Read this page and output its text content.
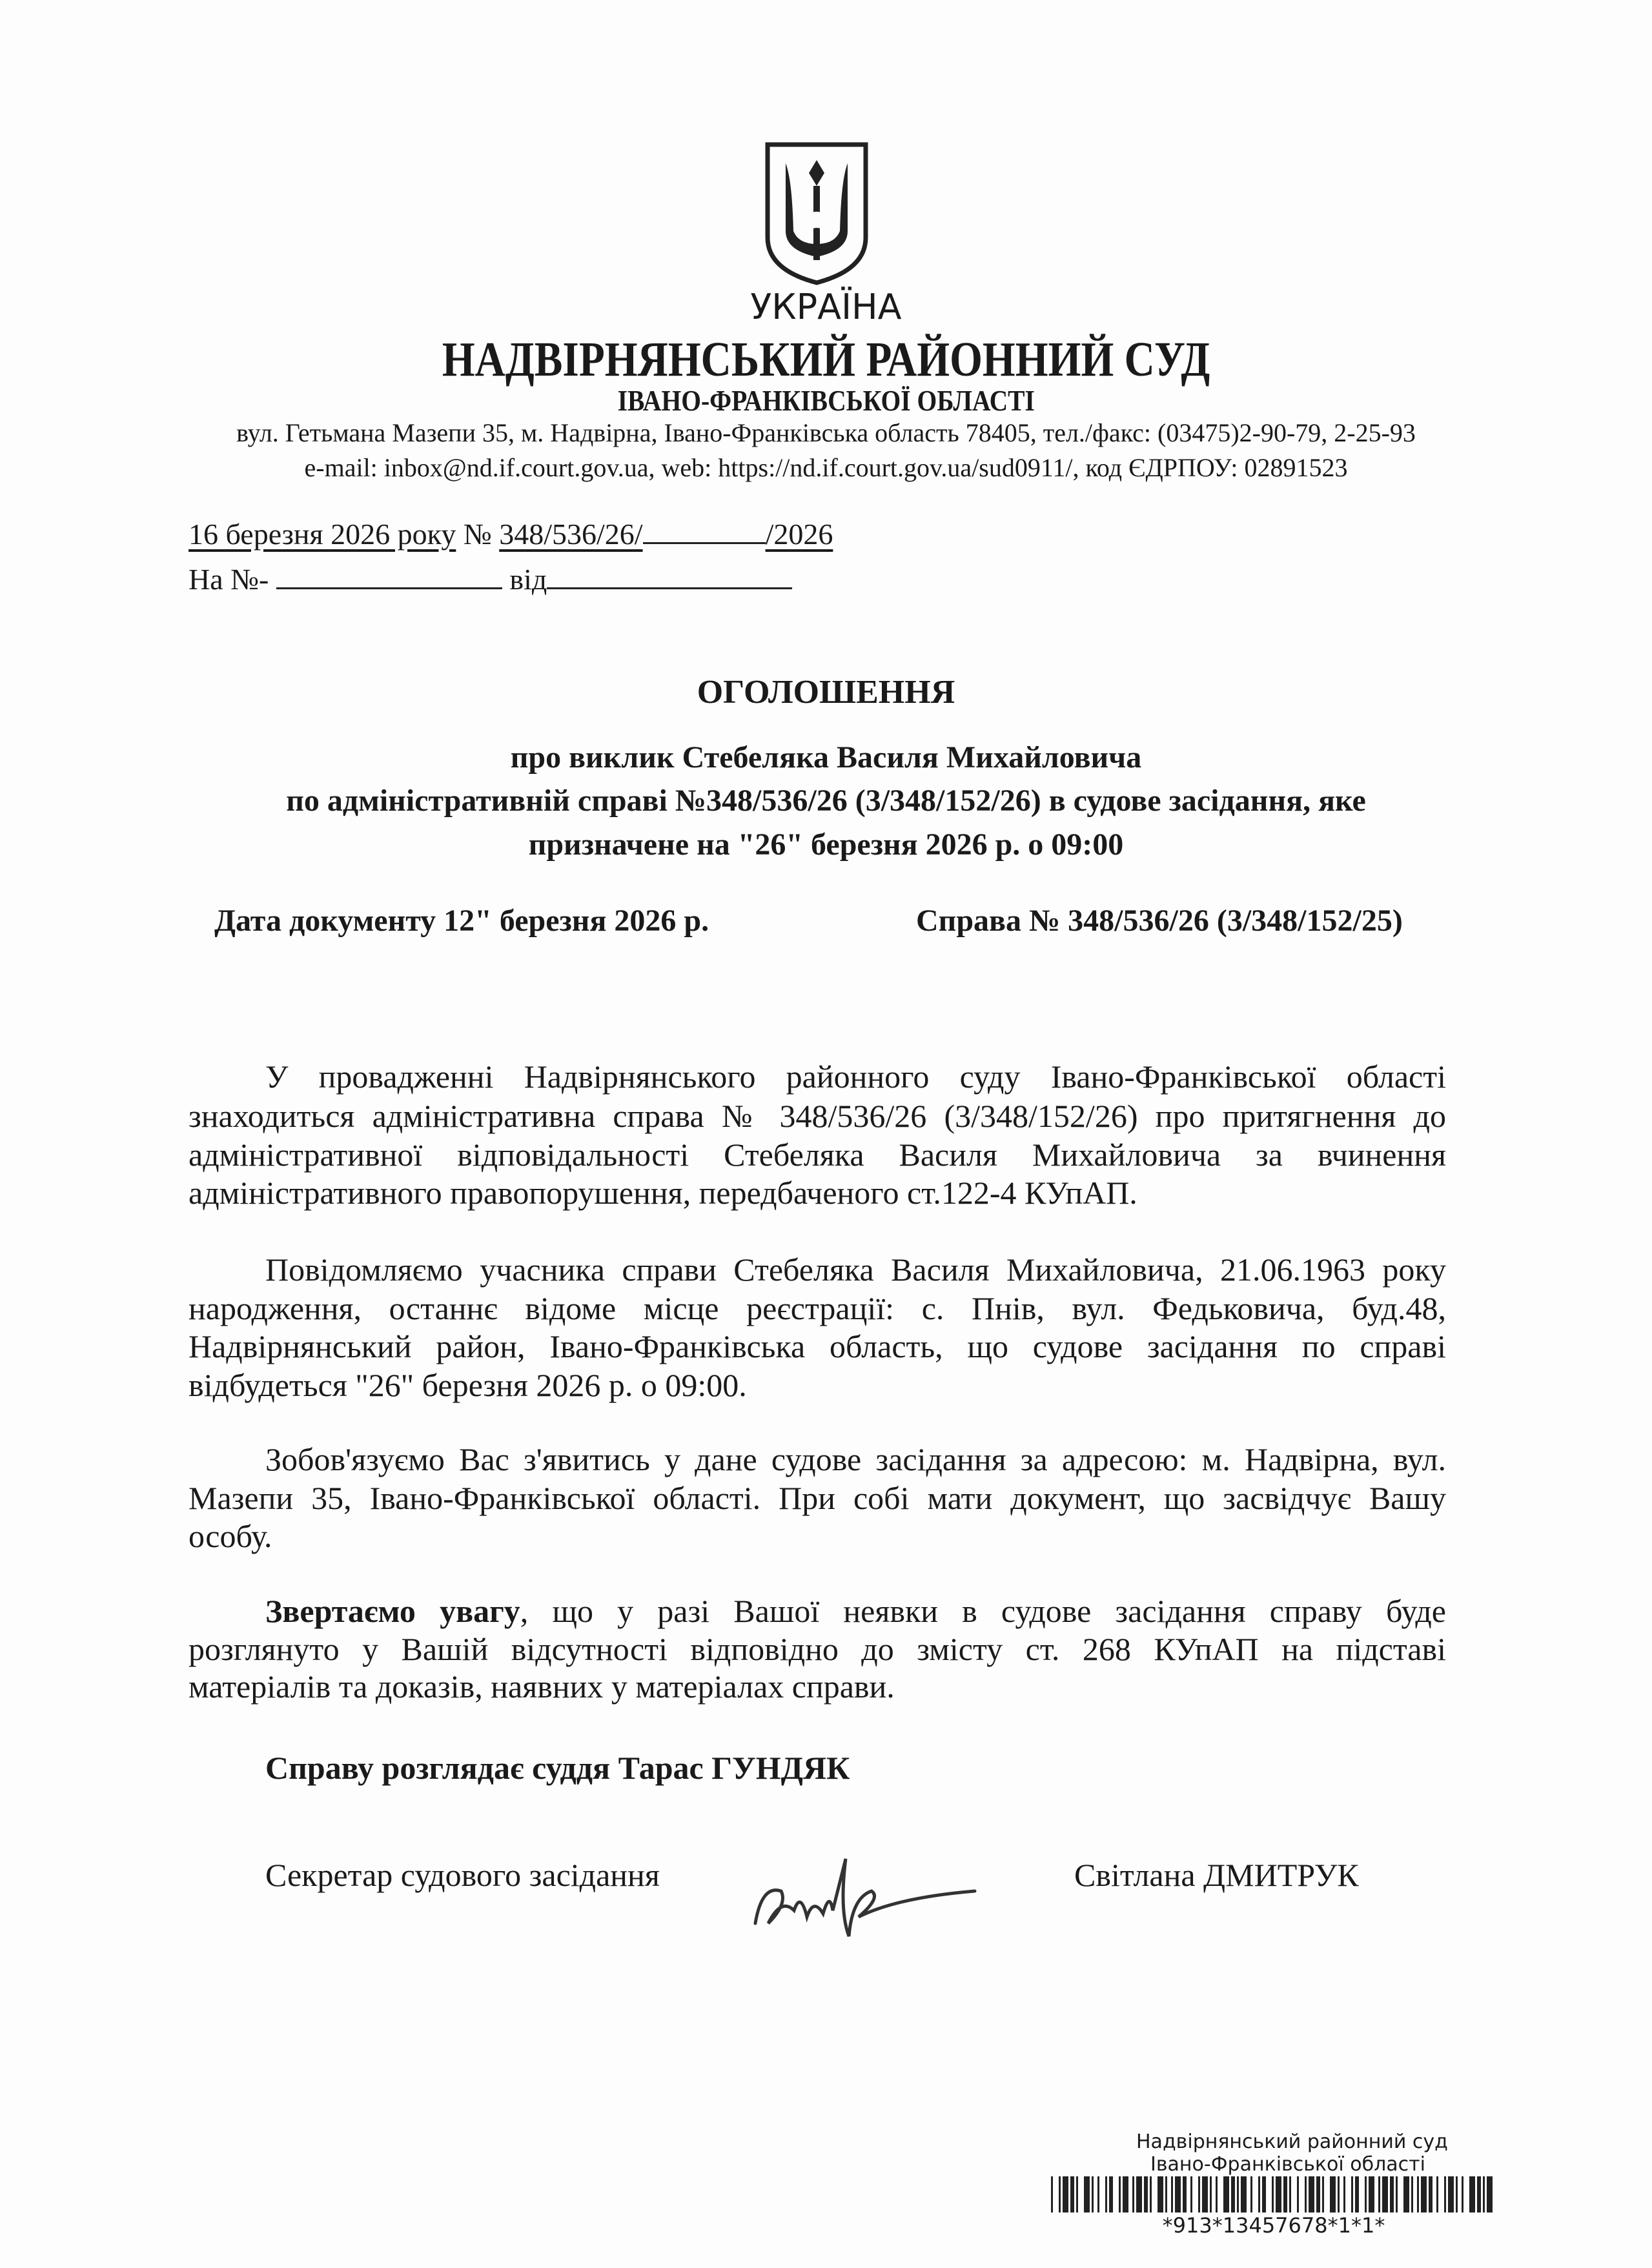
УКРАЇНА
НАДВІРНЯНСЬКИЙ РАЙОННИЙ СУД
ІВАНО-ФРАНКІВСЬКОЇ ОБЛАСТІ
вул. Гетьмана Мазепи 35, м. Надвірна, Івано-Франківська область 78405, тел./факс: (03475)2-90-79, 2-25-93
e-mail: inbox@nd.if.court.gov.ua, web: https://nd.if.court.gov.ua/sud0911/, код ЄДРПОУ: 02891523
16 березня 2026 року № 348/536/26/	/2026
На №-	від
ОГОЛОШЕННЯ
про виклик Стебеляка Василя Михайловича
по адміністративній справі №348/536/26 (3/348/152/26) в судове засідання, яке
призначене на "26" березня 2026 р. о 09:00
Дата документу 12" березня 2026 р.	Справа № 348/536/26 (3/348/152/25)
У провадженні Надвірнянського районного суду Івано-Франківської області
знаходиться адміністративна справа № 348/536/26 (3/348/152/26) про притягнення до
адміністративної відповідальності Стебеляка Василя Михайловича за вчинення
адміністративного правопорушення, передбаченого ст.122-4 КУпАП.
Повідомляємо учасника справи Стебеляка Василя Михайловича, 21.06.1963 року
народження, останнє відоме місце реєстрації: с. Пнів, вул. Федьковича, буд.48,
Надвірнянський район, Івано-Франківська область, що судове засідання по справі
відбудеться "26" березня 2026 р. о 09:00.
Зобов'язуємо Вас з'явитись у дане судове засідання за адресою: м. Надвірна, вул.
Мазепи 35, Івано-Франківської області. При собі мати документ, що засвідчує Вашу
особу.
Звертаємо увагу, що у разі Вашої неявки в судове засідання справу буде
розглянуто у Вашій відсутності відповідно до змісту ст. 268 КУпАП на підставі
матеріалів та доказів, наявних у матеріалах справи.
Справу розглядає суддя Тарас ГУНДЯК
Секретар судового засідання	Світлана ДМИТРУК
Надвірнянський районний суд
Івано-Франківської області
*913*13457678*1*1*
